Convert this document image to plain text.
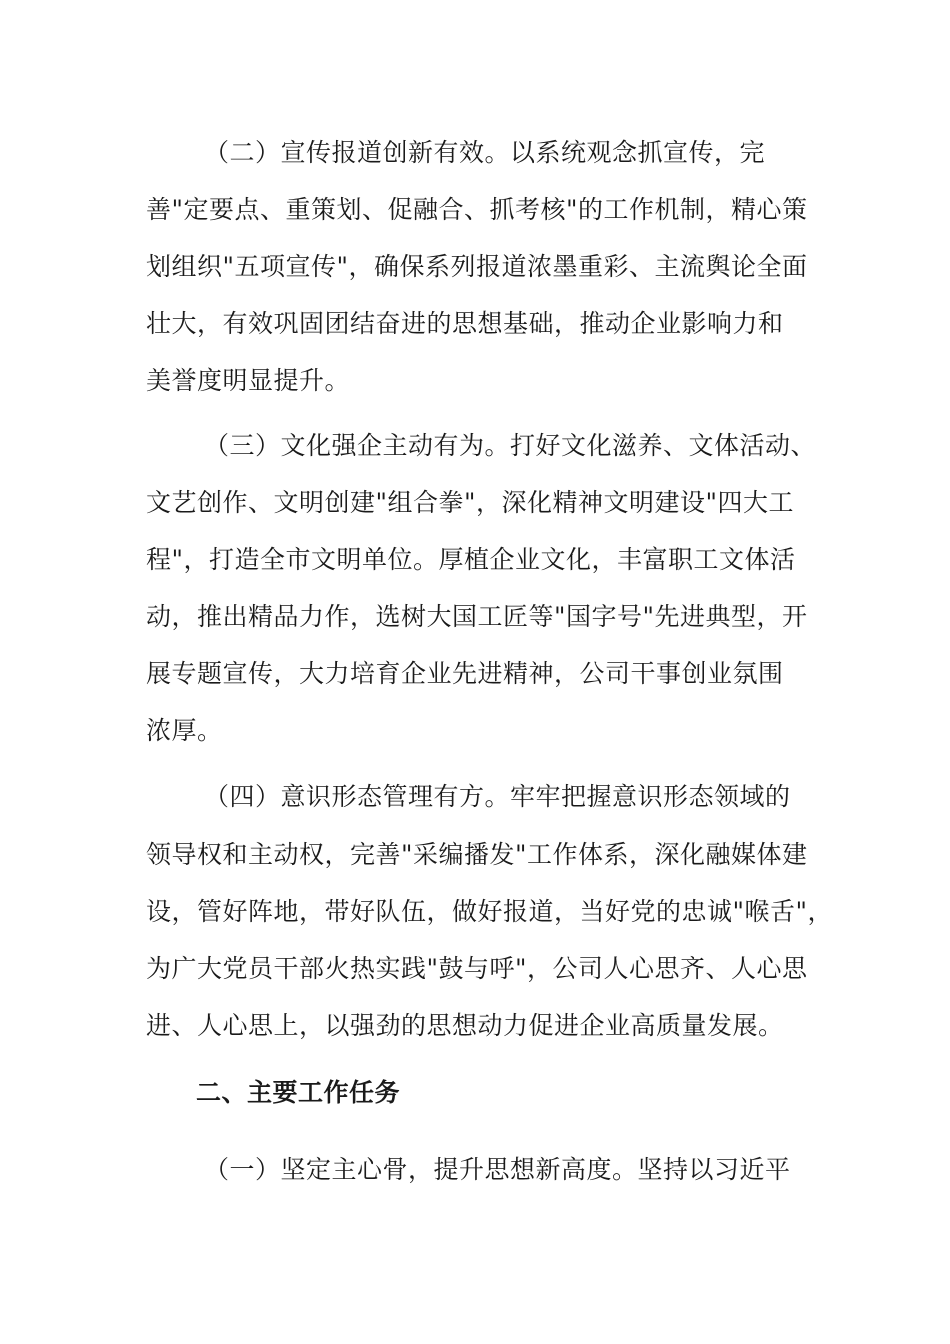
（二）宣传报道创新有效。以系统观念抓宣传，完
善"定要点、重策划、促融合、抓考核"的工作机制，精心策
划组织"五项宣传"，确保系列报道浓墨重彩、主流舆论全面
壮大，有效巩固团结奋进的思想基础，推动企业影响力和
美誉度明显提升。
（三）文化强企主动有为。打好文化滋养、文体活动、
文艺创作、文明创建"组合拳"，深化精神文明建设"四大工
程"，打造全市文明单位。厚植企业文化，丰富职工文体活
动，推出精品力作，选树大国工匠等"国字号"先进典型，开
展专题宣传，大力培育企业先进精神，公司干事创业氛围
浓厚。
（四）意识形态管理有方。牢牢把握意识形态领域的
领导权和主动权，完善"采编播发"工作体系，深化融媒体建
设，管好阵地，带好队伍，做好报道，当好党的忠诚"喉舌"，
为广大党员干部火热实践"鼓与呼"，公司人心思齐、人心思
进、人心思上，以强劲的思想动力促进企业高质量发展。
二、主要工作任务
（一）坚定主心骨，提升思想新高度。坚持以习近平
